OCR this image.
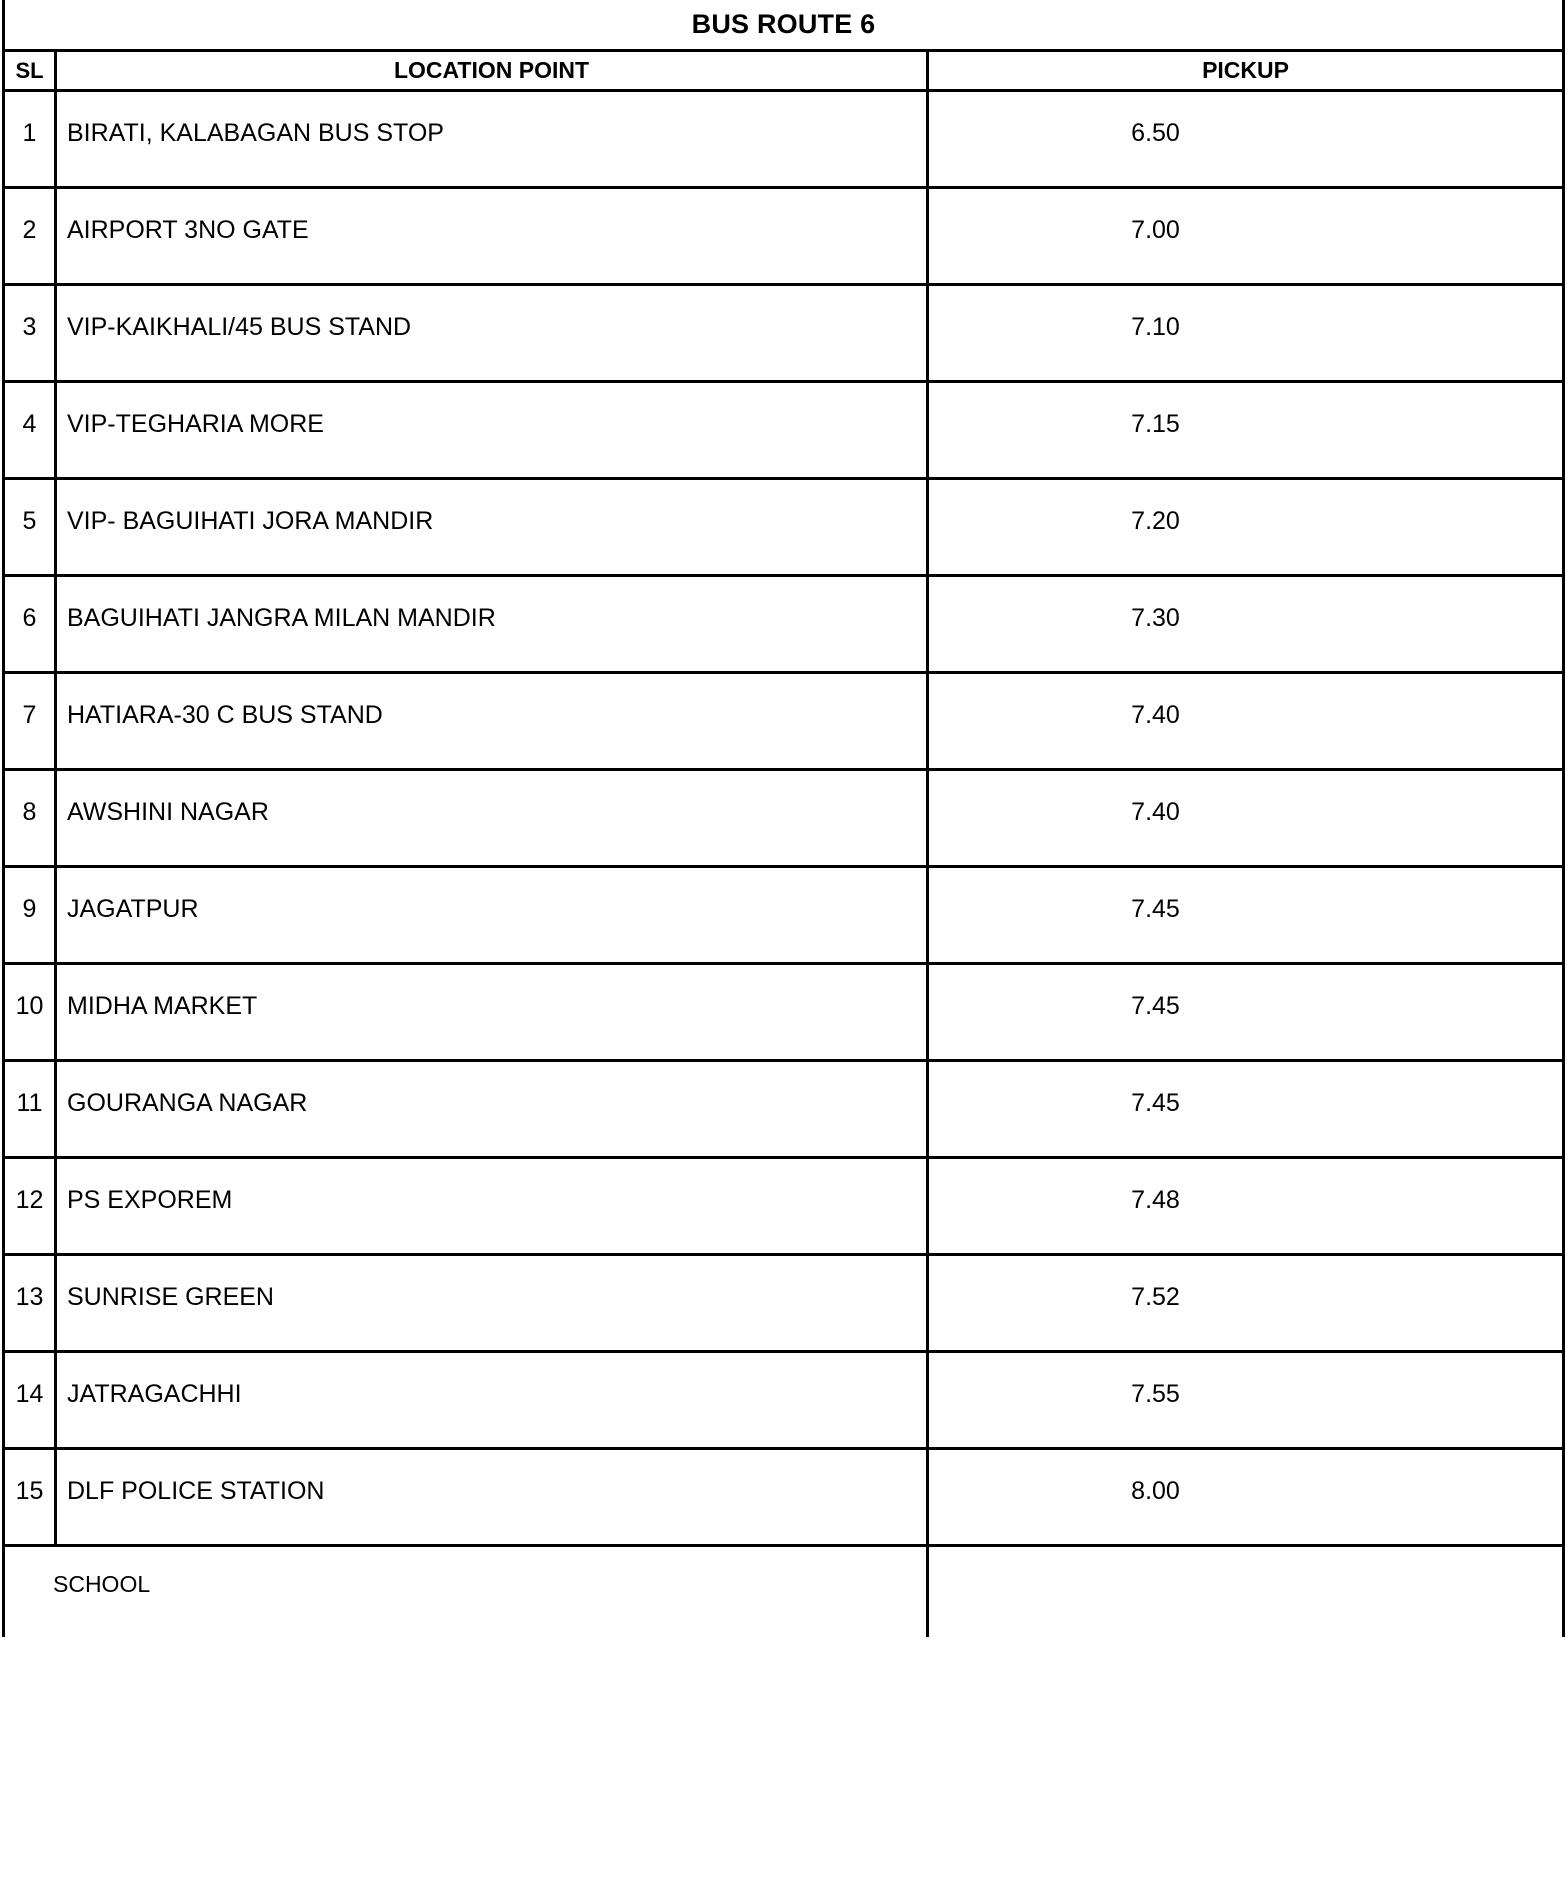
BUS ROUTE 6		
SL	LOCATION POINT	PICKUP

1	BIRATI, KALABAGAN BUS STOP	6.50

2	AIRPORT 3NO GATE	7.00

3	VIP-KAIKHALI/45 BUS STAND	7.10

4	VIP-TEGHARIA MORE	7.15

5	VIP- BAGUIHATI JORA MANDIR	7.20

6	BAGUIHATI JANGRA MILAN MANDIR	7.30

7	HATIARA-30 C BUS STAND	7.40

8	AWSHINI NAGAR	7.40

9	JAGATPUR	7.45

10	MIDHA MARKET	7.45

11	GOURANGA NAGAR	7.45

12	PS EXPOREM	7.48

13	SUNRISE GREEN	7.52

14	JATRAGACHHI	7.55

15	DLF POLICE STATION	8.00

SCHOOL		
